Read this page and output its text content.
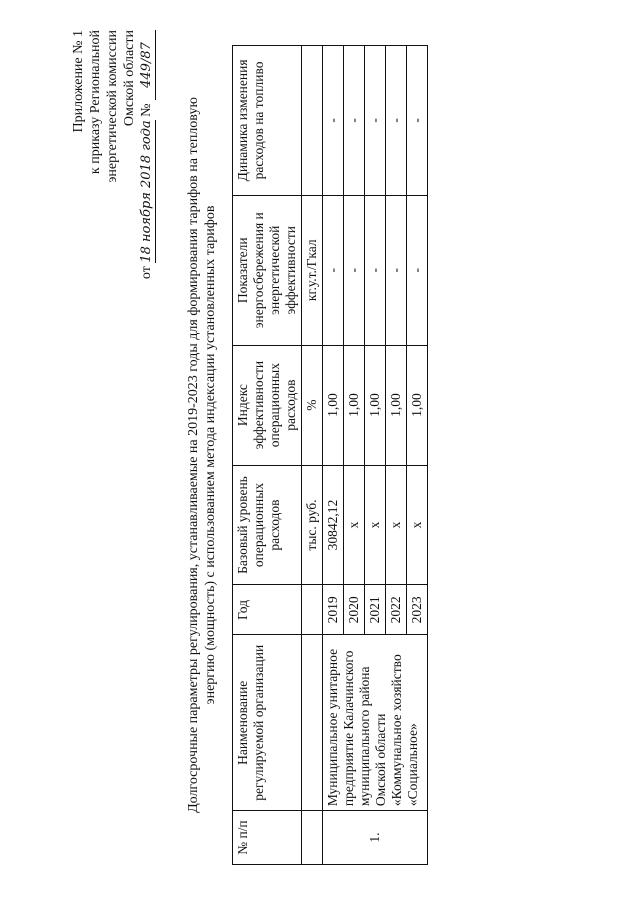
Приложение № 1 к приказу Региональной энергетической комиссии Омской области
от 18 ноября 2018 года № 449/87
Долгосрочные параметры регулирования, устанавливаемые на 2019-2023 годы для формирования тарифов на тепловую энергию (мощность) с использованием метода индексации установленных тарифов
№ п/п	Наименование регулируемой организации	Год	Базовый уровень операционных расходов	Индекс эффективности операционных расходов	Показатели энергосбережения и энергетической эффективности	Динамика изменения расходов на топливо
			тыс. руб.	%	кг.у.т./Гкал	
1.	Муниципальное унитарное предприятие Калачинского муниципального района Омской области «Коммунальное хозяйство «Социальное»	2019	30842,12	1,00	-	-
		2020	х	1,00	-	-
		2021	х	1,00	-	-
		2022	х	1,00	-	-
		2023	х	1,00	-	-
